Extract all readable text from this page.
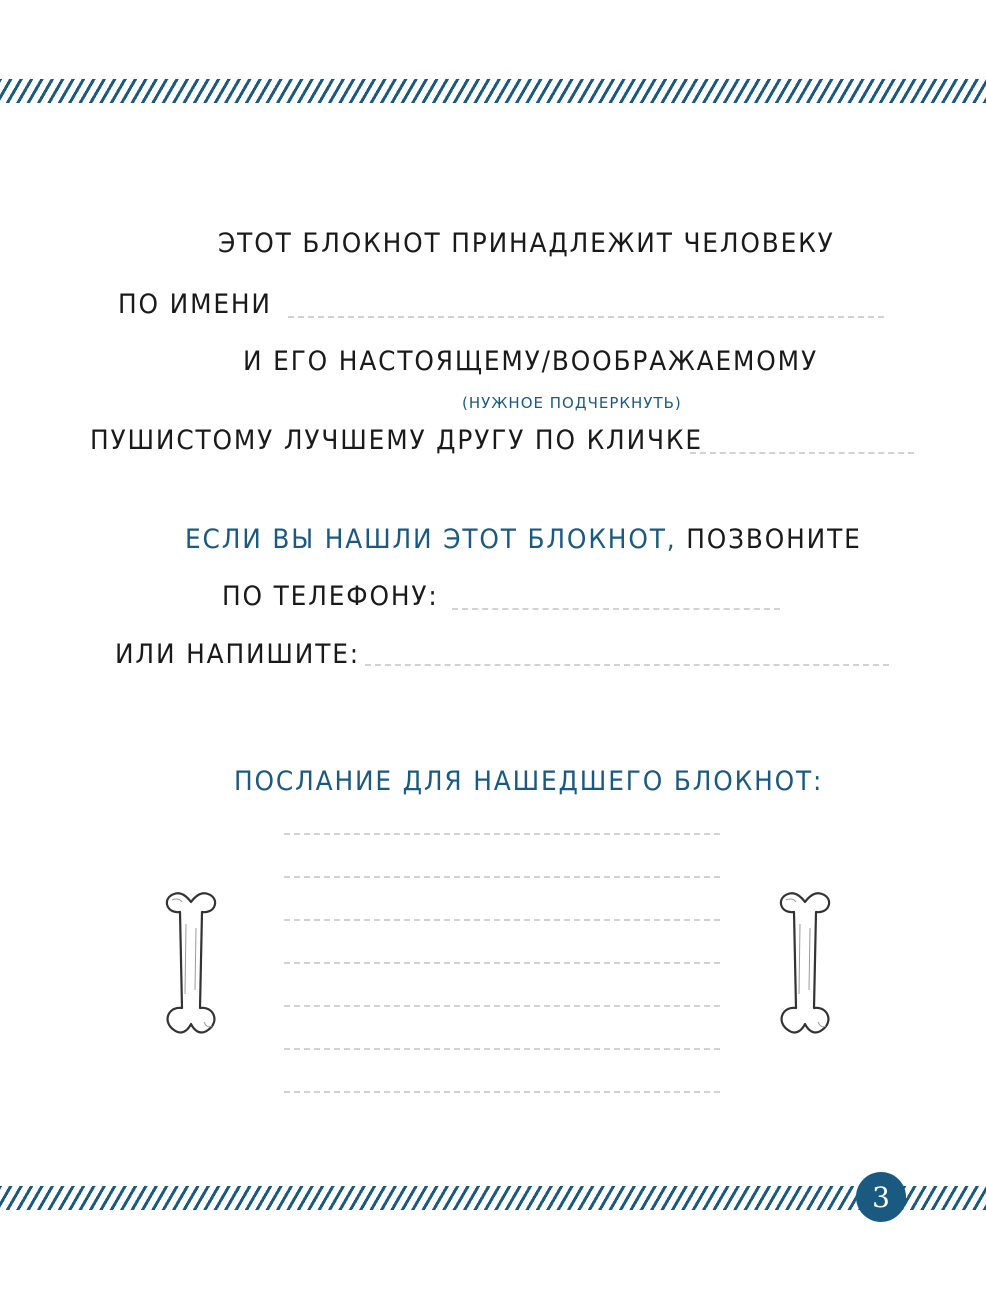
ЭТОТ БЛОКНОТ ПРИНАДЛЕЖИТ ЧЕЛОВЕКУ
ПО ИМЕНИ
И ЕГО НАСТОЯЩЕМУ/ВООБРАЖАЕМОМУ
(НУЖНОЕ ПОДЧЕРКНУТЬ)
ПУШИСТОМУ ЛУЧШЕМУ ДРУГУ ПО КЛИЧКЕ
ЕСЛИ ВЫ НАШЛИ ЭТОТ БЛОКНОТ, ПОЗВОНИТЕ
ПО ТЕЛЕФОНУ:
ИЛИ НАПИШИТЕ:
ПОСЛАНИЕ ДЛЯ НАШЕДШЕГО БЛОКНОТ:
3
